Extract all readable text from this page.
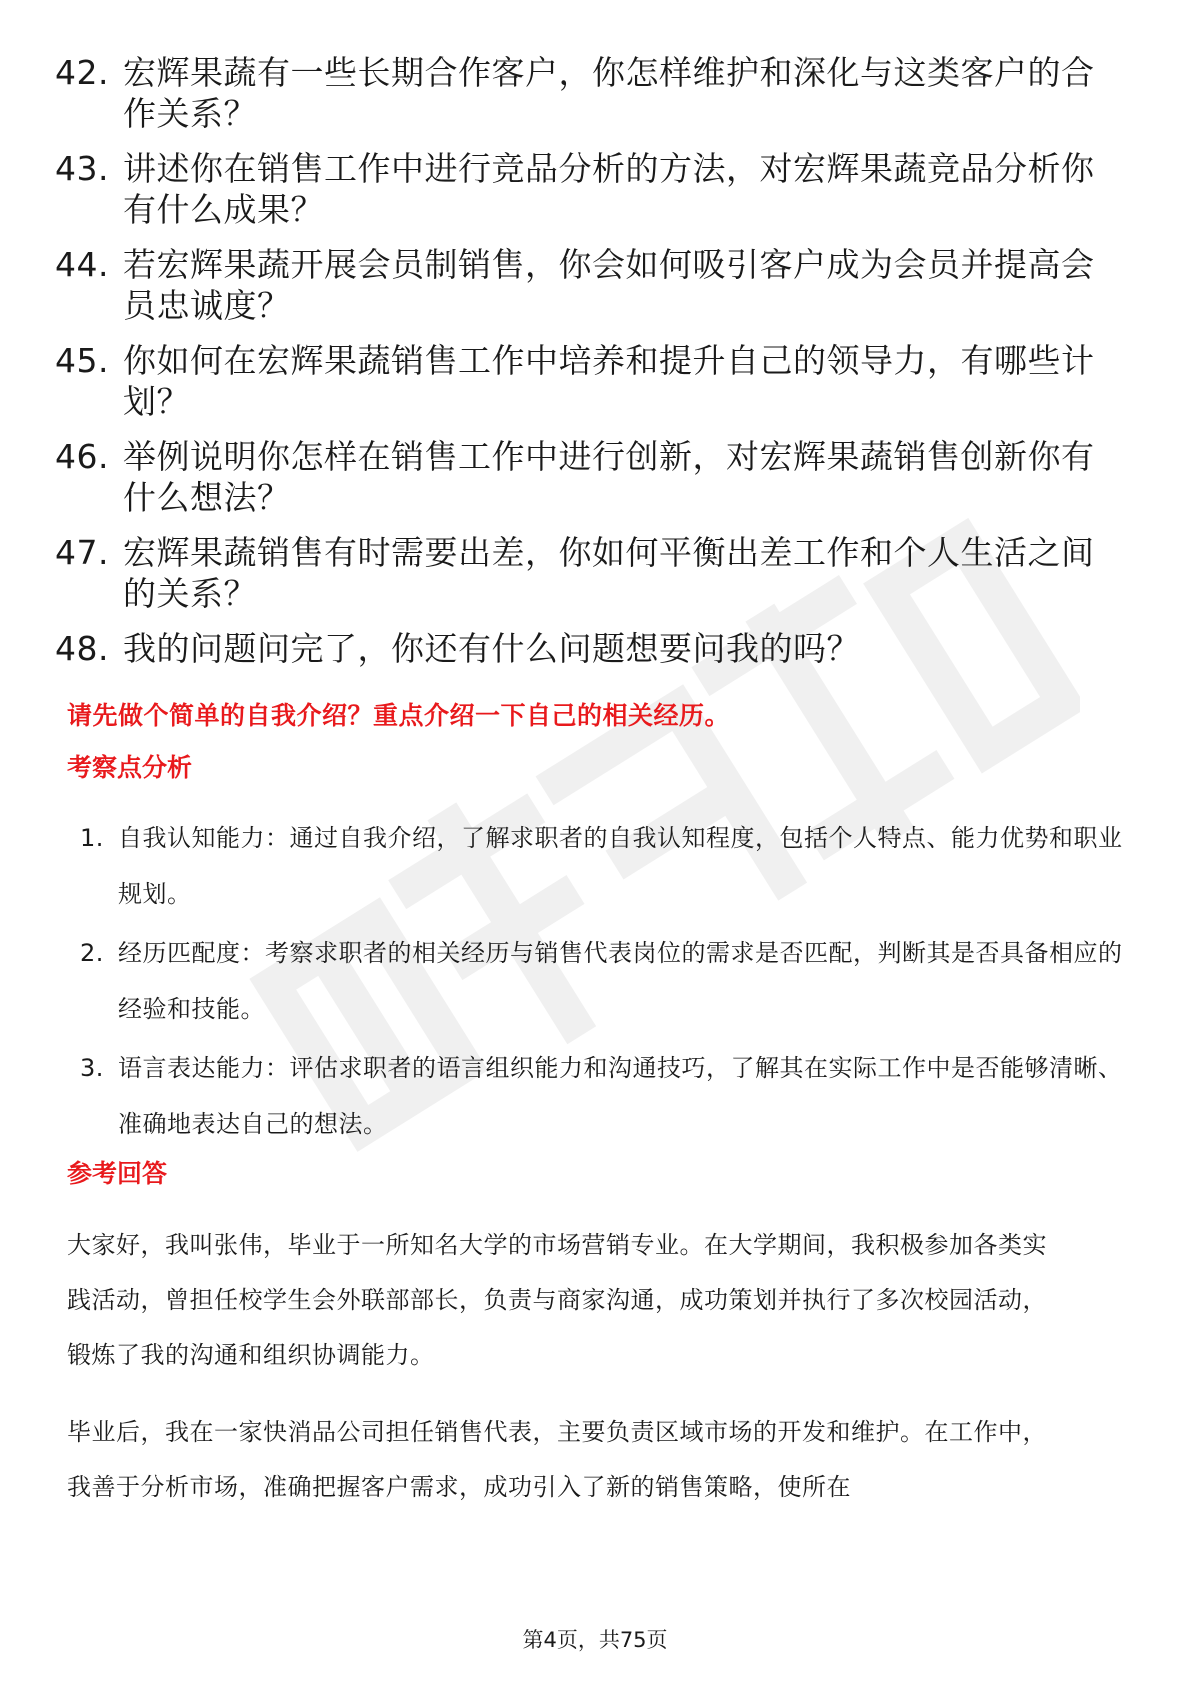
42. 宏辉果蔬有一些长期合作客户，你怎样维护和深化与这类客户的合作关系？
43. 讲述你在销售工作中进行竞品分析的方法，对宏辉果蔬竞品分析你有什么成果？
44. 若宏辉果蔬开展会员制销售，你会如何吸引客户成为会员并提高会员忠诚度？
45. 你如何在宏辉果蔬销售工作中培养和提升自己的领导力，有哪些计划？
46. 举例说明你怎样在销售工作中进行创新，对宏辉果蔬销售创新你有什么想法？
47. 宏辉果蔬销售有时需要出差，你如何平衡出差工作和个人生活之间的关系？
48. 我的问题问完了，你还有什么问题想要问我的吗？
请先做个简单的自我介绍？重点介绍一下自己的相关经历。
考察点分析
1. 自我认知能力：通过自我介绍，了解求职者的自我认知程度，包括个人特点、能力优势和职业规划。
2. 经历匹配度：考察求职者的相关经历与销售代表岗位的需求是否匹配，判断其是否具备相应的经验和技能。
3. 语言表达能力：评估求职者的语言组织能力和沟通技巧，了解其在实际工作中是否能够清晰、准确地表达自己的想法。
参考回答
大家好，我叫张伟，毕业于一所知名大学的市场营销专业。在大学期间，我积极参加各类实践活动，曾担任校学生会外联部部长，负责与商家沟通，成功策划并执行了多次校园活动，锻炼了我的沟通和组织协调能力。
毕业后，我在一家快消品公司担任销售代表，主要负责区域市场的开发和维护。在工作中，我善于分析市场，准确把握客户需求，成功引入了新的销售策略，使所在
第4页，共75页
